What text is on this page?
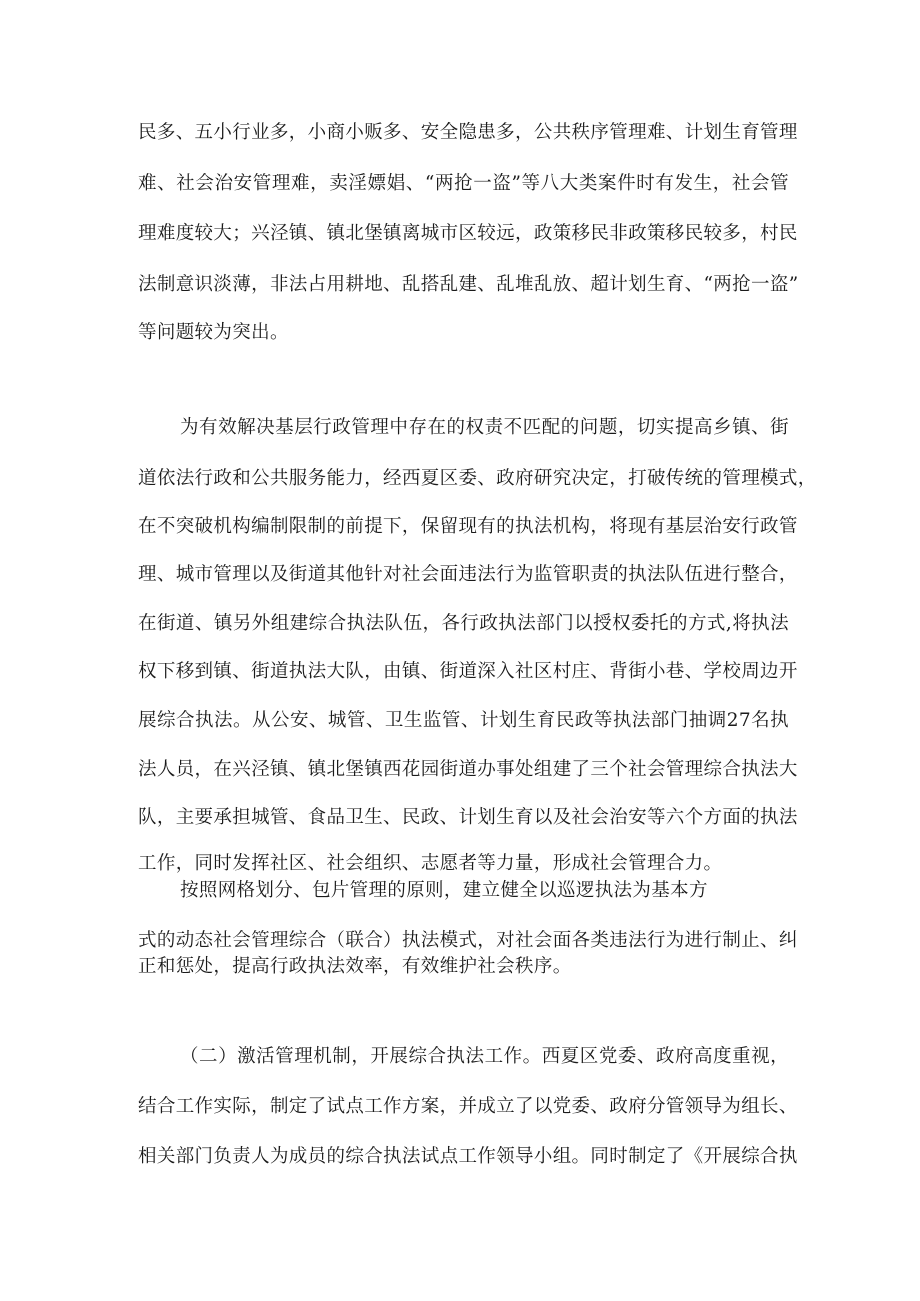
民多、五小行业多，小商小贩多、安全隐患多，公共秩序管理难、计划生育管理
难、社会治安管理难，卖淫嫖娼、“两抢一盗”等八大类案件时有发生，社会管
理难度较大；兴泾镇、镇北堡镇离城市区较远，政策移民非政策移民较多，村民
法制意识淡薄，非法占用耕地、乱搭乱建、乱堆乱放、超计划生育、“两抢一盗”
等问题较为突出。
为有效解决基层行政管理中存在的权责不匹配的问题，切实提高乡镇、街
道依法行政和公共服务能力，经西夏区委、政府研究决定，打破传统的管理模式，
在不突破机构编制限制的前提下，保留现有的执法机构，将现有基层治安行政管
理、城市管理以及街道其他针对社会面违法行为监管职责的执法队伍进行整合，
在街道、镇另外组建综合执法队伍，各行政执法部门以授权委托的方式,将执法
权下移到镇、街道执法大队，由镇、街道深入社区村庄、背街小巷、学校周边开
展综合执法。从公安、城管、卫生监管、计划生育民政等执法部门抽调27名执
法人员，在兴泾镇、镇北堡镇西花园街道办事处组建了三个社会管理综合执法大
队，主要承担城管、食品卫生、民政、计划生育以及社会治安等六个方面的执法
工作，同时发挥社区、社会组织、志愿者等力量，形成社会管理合力。
按照网格划分、包片管理的原则，建立健全以巡逻执法为基本方
式的动态社会管理综合（联合）执法模式，对社会面各类违法行为进行制止、纠
正和惩处，提高行政执法效率，有效维护社会秩序。
（二）激活管理机制，开展综合执法工作。西夏区党委、政府高度重视，
结合工作实际，制定了试点工作方案，并成立了以党委、政府分管领导为组长、
相关部门负责人为成员的综合执法试点工作领导小组。同时制定了《开展综合执
